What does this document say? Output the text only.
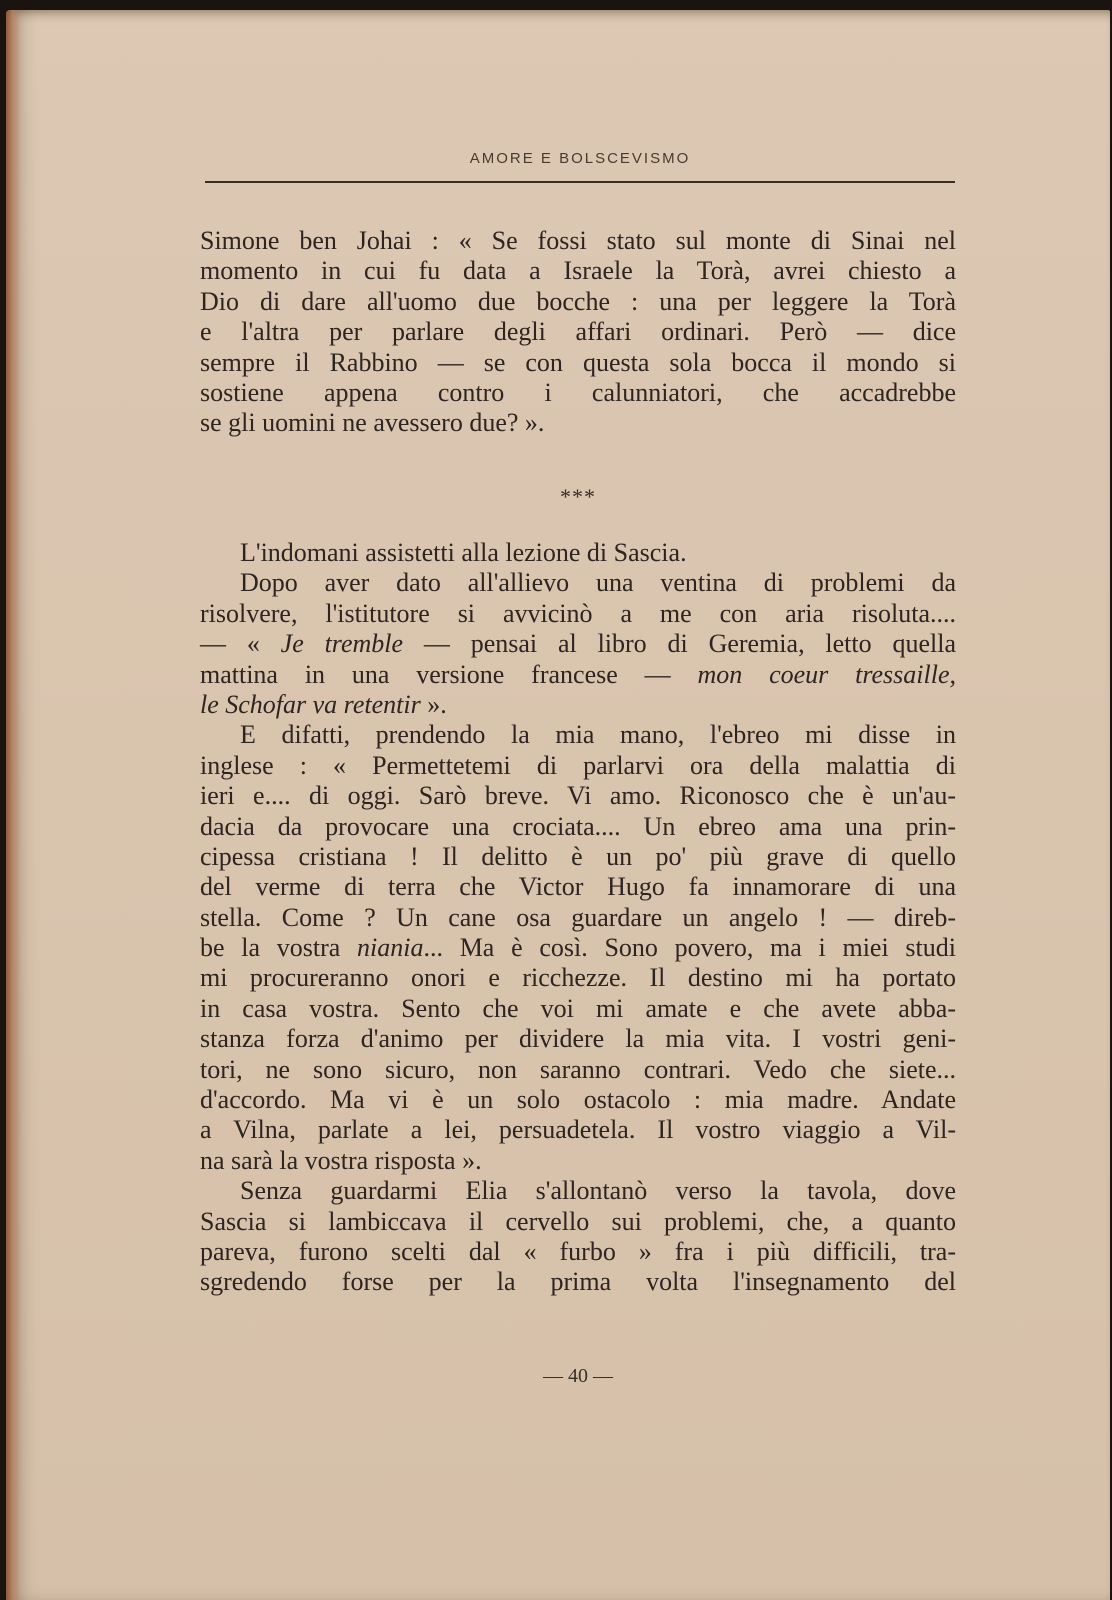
AMORE E BOLSCEVISMO
Simone ben Johai : « Se fossi stato sul monte di Sinai nel
momento in cui fu data a Israele la Torà, avrei chiesto a
Dio di dare all'uomo due bocche : una per leggere la Torà
e l'altra per parlare degli affari ordinari. Però — dice
sempre il Rabbino — se con questa sola bocca il mondo si
sostiene appena contro i calunniatori, che accadrebbe
se gli uomini ne avessero due? ».
***
L'indomani assistetti alla lezione di Sascia.
Dopo aver dato all'allievo una ventina di problemi da
risolvere, l'istitutore si avvicinò a me con aria risoluta....
— « Je tremble — pensai al libro di Geremia, letto quella
mattina in una versione francese — mon coeur tressaille,
le Schofar va retentir ».
E difatti, prendendo la mia mano, l'ebreo mi disse in
inglese : « Permettetemi di parlarvi ora della malattia di
ieri e.... di oggi. Sarò breve. Vi amo. Riconosco che è un'au-
dacia da provocare una crociata.... Un ebreo ama una prin-
cipessa cristiana ! Il delitto è un po' più grave di quello
del verme di terra che Victor Hugo fa innamorare di una
stella. Come ? Un cane osa guardare un angelo ! — direb-
be la vostra niania... Ma è così. Sono povero, ma i miei studi
mi procureranno onori e ricchezze. Il destino mi ha portato
in casa vostra. Sento che voi mi amate e che avete abba-
stanza forza d'animo per dividere la mia vita. I vostri geni-
tori, ne sono sicuro, non saranno contrari. Vedo che siete...
d'accordo. Ma vi è un solo ostacolo : mia madre. Andate
a Vilna, parlate a lei, persuadetela. Il vostro viaggio a Vil-
na sarà la vostra risposta ».
Senza guardarmi Elia s'allontanò verso la tavola, dove
Sascia si lambiccava il cervello sui problemi, che, a quanto
pareva, furono scelti dal « furbo » fra i più difficili, tra-
sgredendo forse per la prima volta l'insegnamento del
— 40 —
